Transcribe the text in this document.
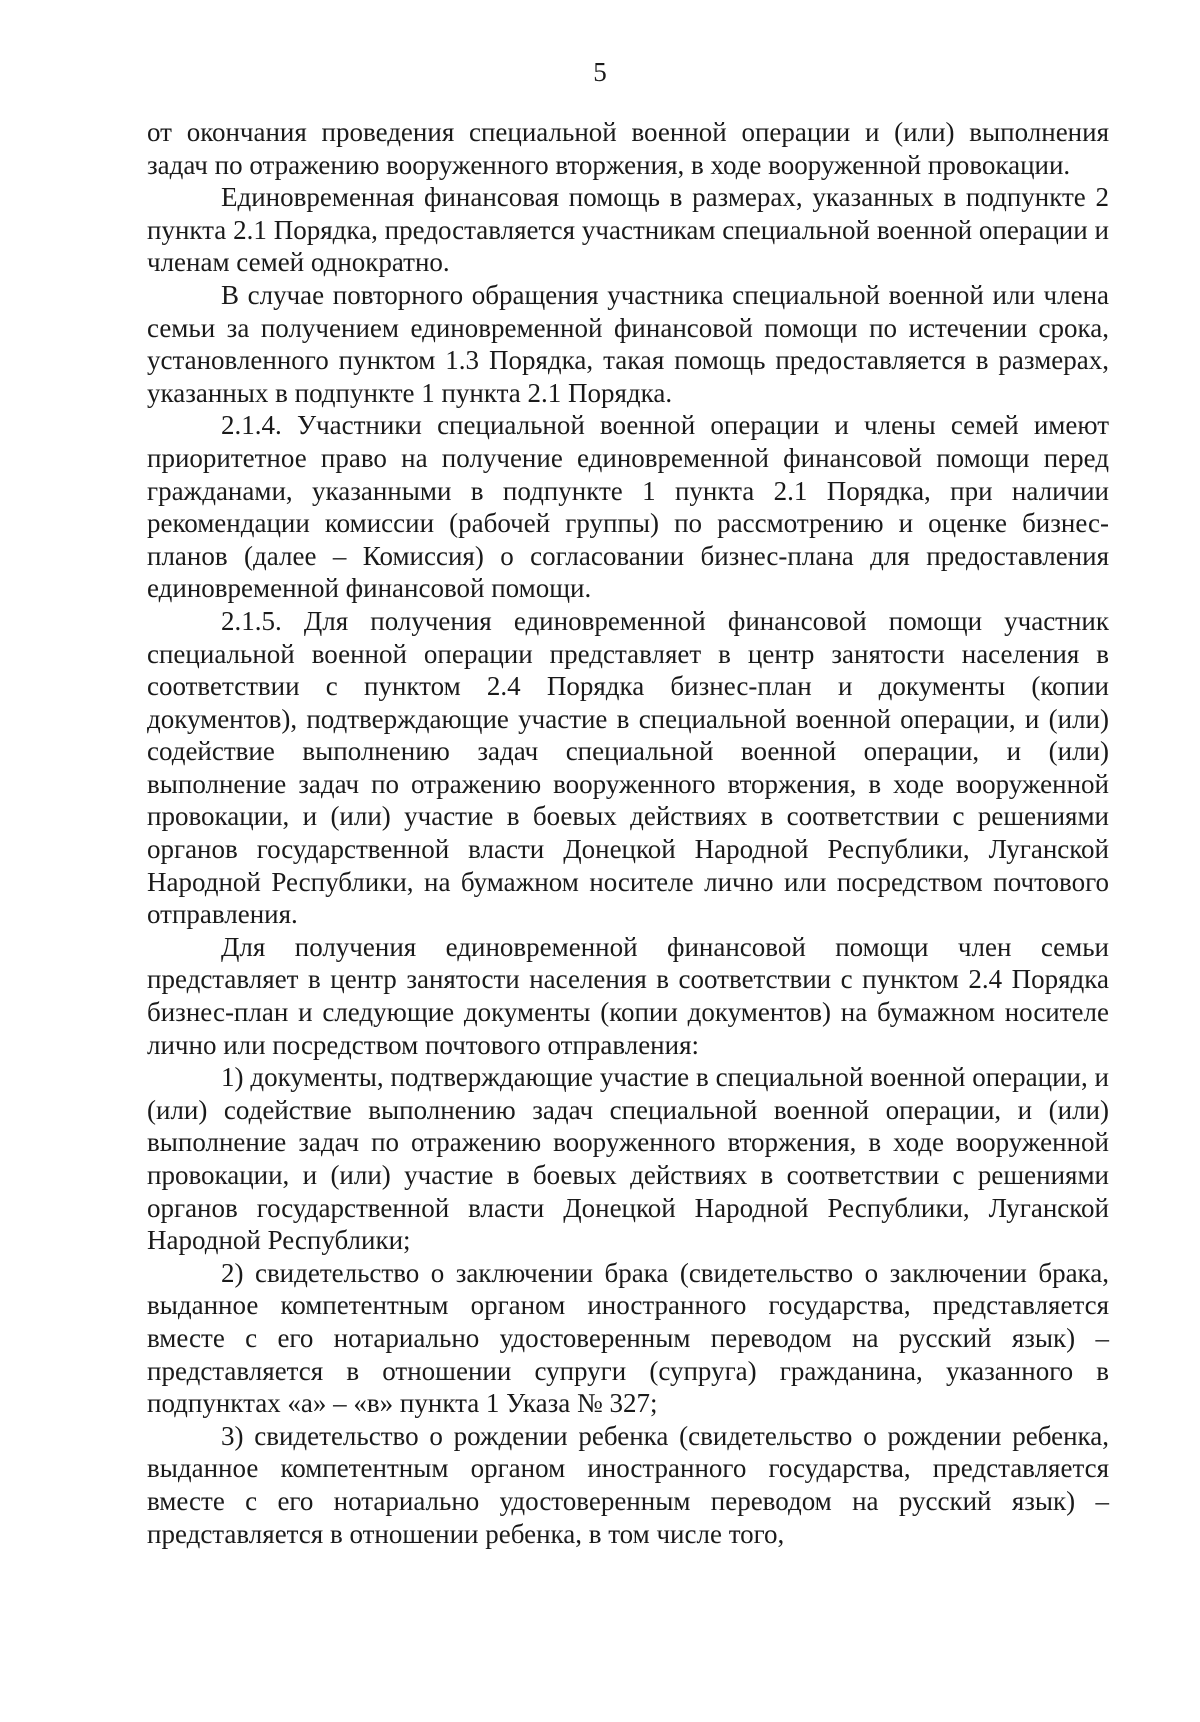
5

от окончания проведения специальной военной операции и (или) выполнения задач по отражению вооруженного вторжения, в ходе вооруженной провокации.

Единовременная финансовая помощь в размерах, указанных в подпункте 2 пункта 2.1 Порядка, предоставляется участникам специальной военной операции и членам семей однократно.

В случае повторного обращения участника специальной военной или члена семьи за получением единовременной финансовой помощи по истечении срока, установленного пунктом 1.3 Порядка, такая помощь предоставляется в размерах, указанных в подпункте 1 пункта 2.1 Порядка.

2.1.4. Участники специальной военной операции и члены семей имеют приоритетное право на получение единовременной финансовой помощи перед гражданами, указанными в подпункте 1 пункта 2.1 Порядка, при наличии рекомендации комиссии (рабочей группы) по рассмотрению и оценке бизнес-планов (далее – Комиссия) о согласовании бизнес-плана для предоставления единовременной финансовой помощи.

2.1.5. Для получения единовременной финансовой помощи участник специальной военной операции представляет в центр занятости населения в соответствии с пунктом 2.4 Порядка бизнес-план и документы (копии документов), подтверждающие участие в специальной военной операции, и (или) содействие выполнению задач специальной военной операции, и (или) выполнение задач по отражению вооруженного вторжения, в ходе вооруженной провокации, и (или) участие в боевых действиях в соответствии с решениями органов государственной власти Донецкой Народной Республики, Луганской Народной Республики, на бумажном носителе лично или посредством почтового отправления.

Для получения единовременной финансовой помощи член семьи представляет в центр занятости населения в соответствии с пунктом 2.4 Порядка бизнес-план и следующие документы (копии документов) на бумажном носителе лично или посредством почтового отправления:

1) документы, подтверждающие участие в специальной военной операции, и (или) содействие выполнению задач специальной военной операции, и (или) выполнение задач по отражению вооруженного вторжения, в ходе вооруженной провокации, и (или) участие в боевых действиях в соответствии с решениями органов государственной власти Донецкой Народной Республики, Луганской Народной Республики;

2) свидетельство о заключении брака (свидетельство о заключении брака, выданное компетентным органом иностранного государства, представляется вместе с его нотариально удостоверенным переводом на русский язык) – представляется в отношении супруги (супруга) гражданина, указанного в подпунктах «а» – «в» пункта 1 Указа № 327;

3) свидетельство о рождении ребенка (свидетельство о рождении ребенка, выданное компетентным органом иностранного государства, представляется вместе с его нотариально удостоверенным переводом на русский язык) – представляется в отношении ребенка, в том числе того,
